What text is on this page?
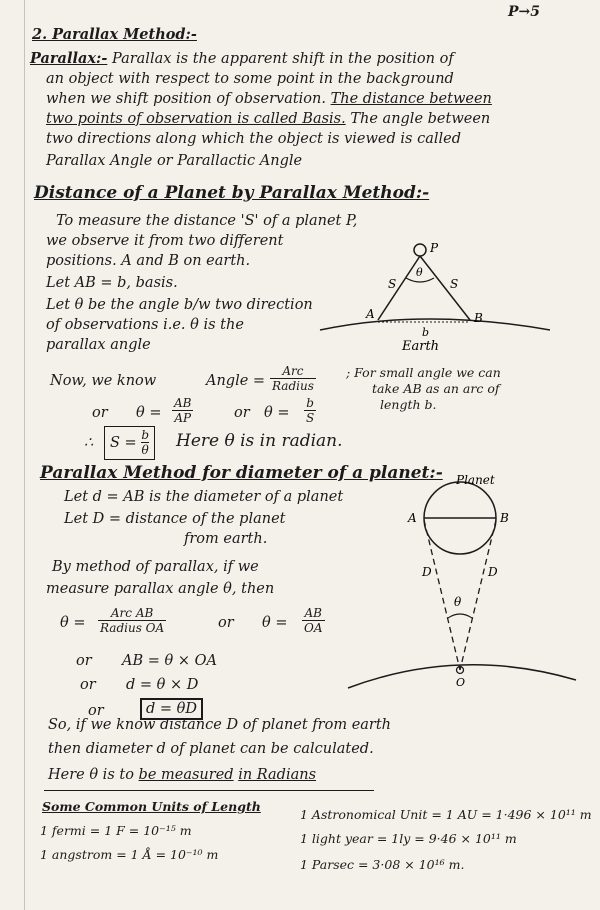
P→5
2. Parallax Method:-
Parallax:- Parallax is the apparent shift in the position of
an object with respect to some point in the background
when we shift position of observation. The distance between
two points of observation is called Basis. The angle between
two directions along which the object is viewed is called
Parallax Angle or Parallactic Angle
Distance of a Planet by Parallax Method:-
To measure the distance 'S' of a planet P,
we observe it from two different
positions. A and B on earth.
Let AB = b, basis.
Let θ be the angle b/w two direction
of observations i.e. θ is the
parallax angle
P
S
θ
S
A
b
B
Earth
Now, we know	Angle =
Arc
Radius
; For small angle we can
take AB as an arc of
length b.
or $\theta = \frac{AB}{AP}$	or $\theta = \frac{b}{S}$
∴	$S = \frac{b}{\theta}$ Here θ is in radian.
Parallax Method for diameter of a planet:-
Let d = AB is the diameter of a planet
Let D = distance of the planet
from earth.
By method of parallax, if we
measure parallax angle θ, then
θ =
Arc AB
Radius OA	or $\theta = \frac{AB}{OA}$
or AB = θ × OA
or d = θ × D
or	d = θD
Planet
A	B
D	D
θ
O
So, if we know distance D of planet from earth
then diameter d of planet can be calculated.
Here θ is to be measured in Radians
Some Common Units of Length
1 fermi = 1 F = 10⁻¹⁵ m
1 angstrom = 1 Å = 10⁻¹⁰ m
1 Astronomical Unit = 1 AU = 1·496 × 10¹¹ m
1 light year = 1ly = 9·46 × 10¹¹ m
1 Parsec = 3·08 × 10¹⁶ m.
